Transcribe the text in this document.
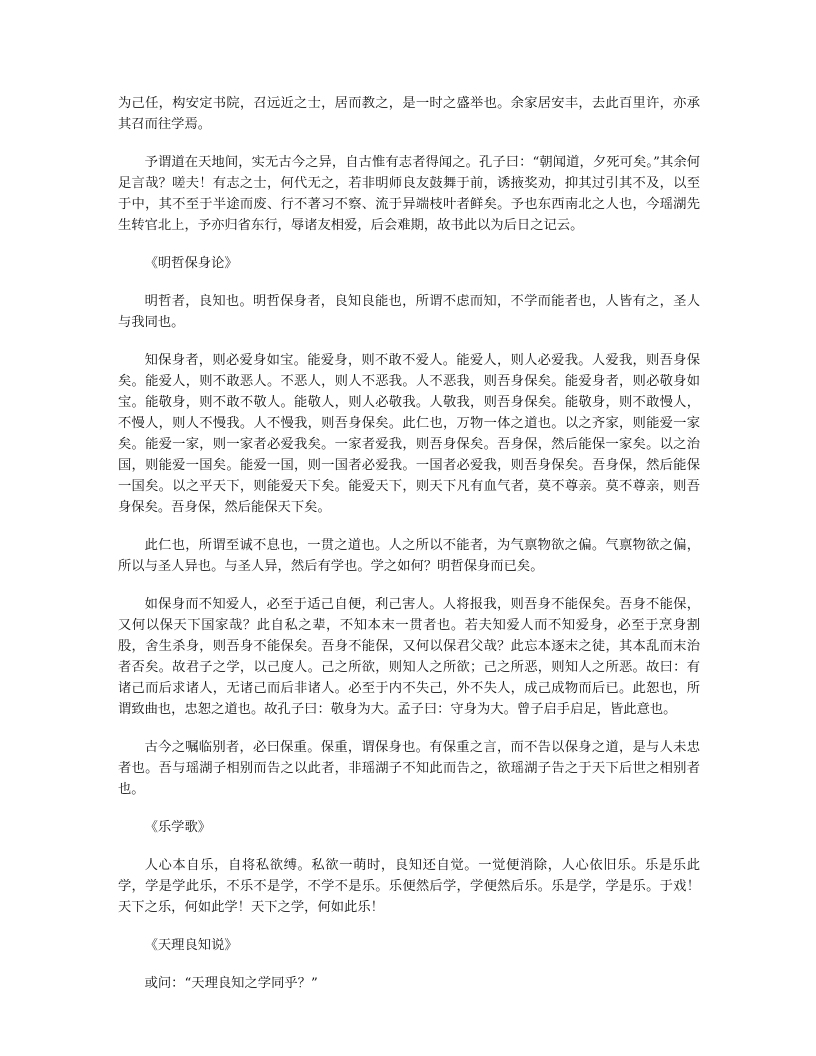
为己任，构安定书院，召远近之士，居而教之，是一时之盛举也。余家居安丰，去此百里许，亦承其召而往学焉。

予谓道在天地间，实无古今之异，自古惟有志者得闻之。孔子曰：“朝闻道，夕死可矣。”其余何足言哉？嗟夫！有志之士，何代无之，若非明师良友鼓舞于前，诱掖奖劝，抑其过引其不及，以至于中，其不至于半途而废、行不著习不察、流于异端枝叶者鲜矣。予也东西南北之人也，今瑶湖先生转官北上，予亦归省东行，辱诸友相爱，后会难期，故书此以为后日之记云。

《明哲保身论》

明哲者，良知也。明哲保身者，良知良能也，所谓不虑而知，不学而能者也，人皆有之，圣人与我同也。

知保身者，则必爱身如宝。能爱身，则不敢不爱人。能爱人，则人必爱我。人爱我，则吾身保矣。能爱人，则不敢恶人。不恶人，则人不恶我。人不恶我，则吾身保矣。能爱身者，则必敬身如宝。能敬身，则不敢不敬人。能敬人，则人必敬我。人敬我，则吾身保矣。能敬身，则不敢慢人，不慢人，则人不慢我。人不慢我，则吾身保矣。此仁也，万物一体之道也。以之齐家，则能爱一家矣。能爱一家，则一家者必爱我矣。一家者爱我，则吾身保矣。吾身保，然后能保一家矣。以之治国，则能爱一国矣。能爱一国，则一国者必爱我。一国者必爱我，则吾身保矣。吾身保，然后能保一国矣。以之平天下，则能爱天下矣。能爱天下，则天下凡有血气者，莫不尊亲。莫不尊亲，则吾身保矣。吾身保，然后能保天下矣。

此仁也，所谓至诚不息也，一贯之道也。人之所以不能者，为气禀物欲之偏。气禀物欲之偏，所以与圣人异也。与圣人异，然后有学也。学之如何？明哲保身而已矣。

如保身而不知爱人，必至于适己自便，利己害人。人将报我，则吾身不能保矣。吾身不能保，又何以保天下国家哉？此自私之辈，不知本末一贯者也。若夫知爱人而不知爱身，必至于烹身割股，舍生杀身，则吾身不能保矣。吾身不能保，又何以保君父哉？此忘本逐末之徒，其本乱而末治者否矣。故君子之学，以己度人。己之所欲，则知人之所欲；己之所恶，则知人之所恶。故曰：有诸己而后求诸人，无诸己而后非诸人。必至于内不失己，外不失人，成己成物而后已。此恕也，所谓致曲也，忠恕之道也。故孔子曰：敬身为大。孟子曰：守身为大。曾子启手启足，皆此意也。

古今之嘱临别者，必曰保重。保重，谓保身也。有保重之言，而不告以保身之道，是与人未忠者也。吾与瑶湖子相别而告之以此者，非瑶湖子不知此而告之，欲瑶湖子告之于天下后世之相别者也。

《乐学歌》

人心本自乐，自将私欲缚。私欲一萌时，良知还自觉。一觉便消除，人心依旧乐。乐是乐此学，学是学此乐，不乐不是学，不学不是乐。乐便然后学，学便然后乐。乐是学，学是乐。于戏！天下之乐，何如此学！天下之学，何如此乐！

《天理良知说》

或问：“天理良知之学同乎？”
